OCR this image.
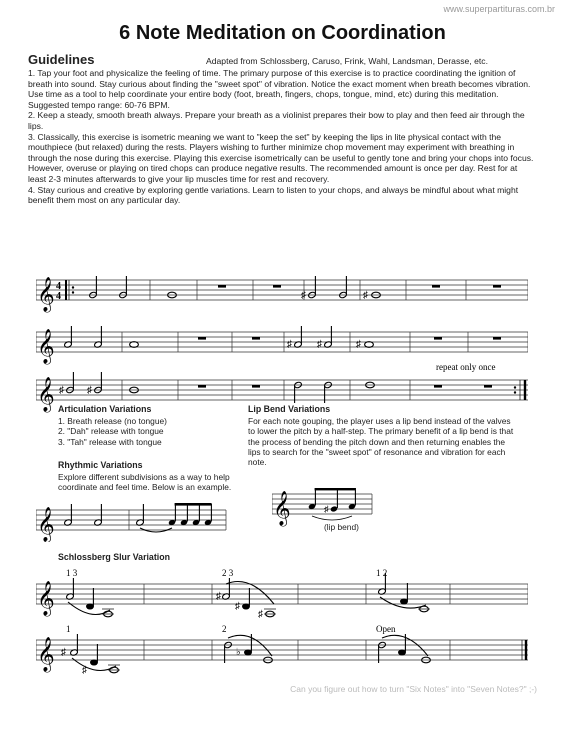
www.superpartituras.com.br
6 Note Meditation on Coordination
Guidelines	Adapted from Schlossberg, Caruso, Frink, Wahl, Landsman, Derasse, etc.

1. Tap your foot and physicalize the feeling of time. The primary purpose of this exercise is to practice coordinating the ignition of breath into sound. Stay curious about finding the "sweet spot" of vibration. Notice the exact moment when breath becomes vibration. Use time as a tool to help coordinate your entire body (foot, breath, fingers, chops, tongue, mind, etc) during this meditation. Suggested tempo range: 60-76 BPM.

2. Keep a steady, smooth breath always. Prepare your breath as a violinist prepares their bow to play and then feed air through the lips.

3. Classically, this exercise is isometric meaning we want to "keep the set" by keeping the lips in lite physical contact with the mouthpiece (but relaxed) during the rests. Players wishing to further minimize chop movement may experiment with breathing in through the nose during this exercise. Playing this exercise isometrically can be useful to gently tone and bring your chops into focus. However, overuse or playing on tired chops can produce negative results. The recommended amount is once per day. Rest for at least 2-3 minutes afterwards to give your lip muscles time for rest and recovery.

4. Stay curious and creative by exploring gentle variations. Learn to listen to your chops, and always be mindful about what might benefit them most on any particular day.

𝄞 4
4	♯	♯
𝄞	♯	♯	♯
repeat only once
𝄞 ♯ ♯
Articulation Variations

1. Breath release (no tongue)

2. "Dah" release with tongue

3. "Tah" release with tongue

Rhythmic Variations
Explore different subdivisions as a way to help coordinate and feel time. Below is an example.
𝄞
Lip Bend Variations
For each note gouping, the player uses a lip bend instead of the valves to lower the pitch by a half-step. The primary benefit of a lip bend is that the process of bending the pitch down and then returning enables the lips to search for the "sweet spot" of resonance and vibration for each note.
𝄞	♯
(lip bend)
Schlossberg Slur Variation
1 3	2 3	1 2
𝄞	♯
♯
♯
1	2	Open
𝄞 ♯
♯
♭
Can you figure out how to turn "Six Notes" into "Seven Notes?" ;-)
